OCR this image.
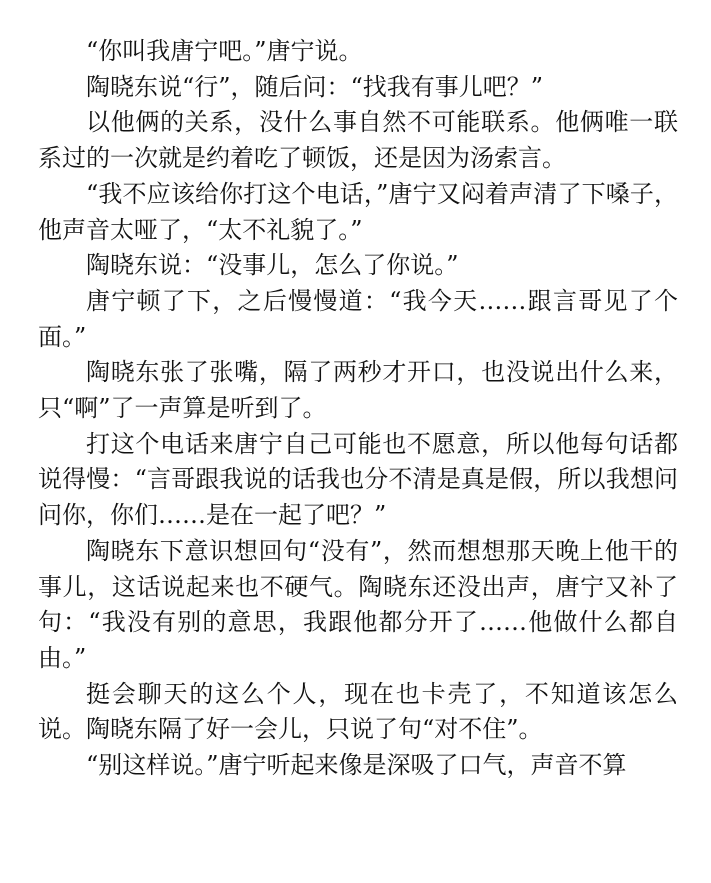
“你叫我唐宁吧。”唐宁说。

陶晓东说“行”，随后问：“找我有事儿吧？”

以他俩的关系，没什么事自然不可能联系。他俩唯一联系过的一次就是约着吃了顿饭，还是因为汤索言。

“我不应该给你打这个电话，”唐宁又闷着声清了下嗓子，他声音太哑了，“太不礼貌了。”

陶晓东说：“没事儿，怎么了你说。”

唐宁顿了下，之后慢慢道：“我今天……跟言哥见了个面。”

陶晓东张了张嘴，隔了两秒才开口，也没说出什么来，只“啊”了一声算是听到了。

打这个电话来唐宁自己可能也不愿意，所以他每句话都说得慢：“言哥跟我说的话我也分不清是真是假，所以我想问问你，你们……是在一起了吧？”

陶晓东下意识想回句“没有”，然而想想那天晚上他干的事儿，这话说起来也不硬气。陶晓东还没出声，唐宁又补了句：“我没有别的意思，我跟他都分开了……他做什么都自由。”

挺会聊天的这么个人，现在也卡壳了，不知道该怎么说。陶晓东隔了好一会儿，只说了句“对不住”。

“别这样说。”唐宁听起来像是深吸了口气，声音不算
